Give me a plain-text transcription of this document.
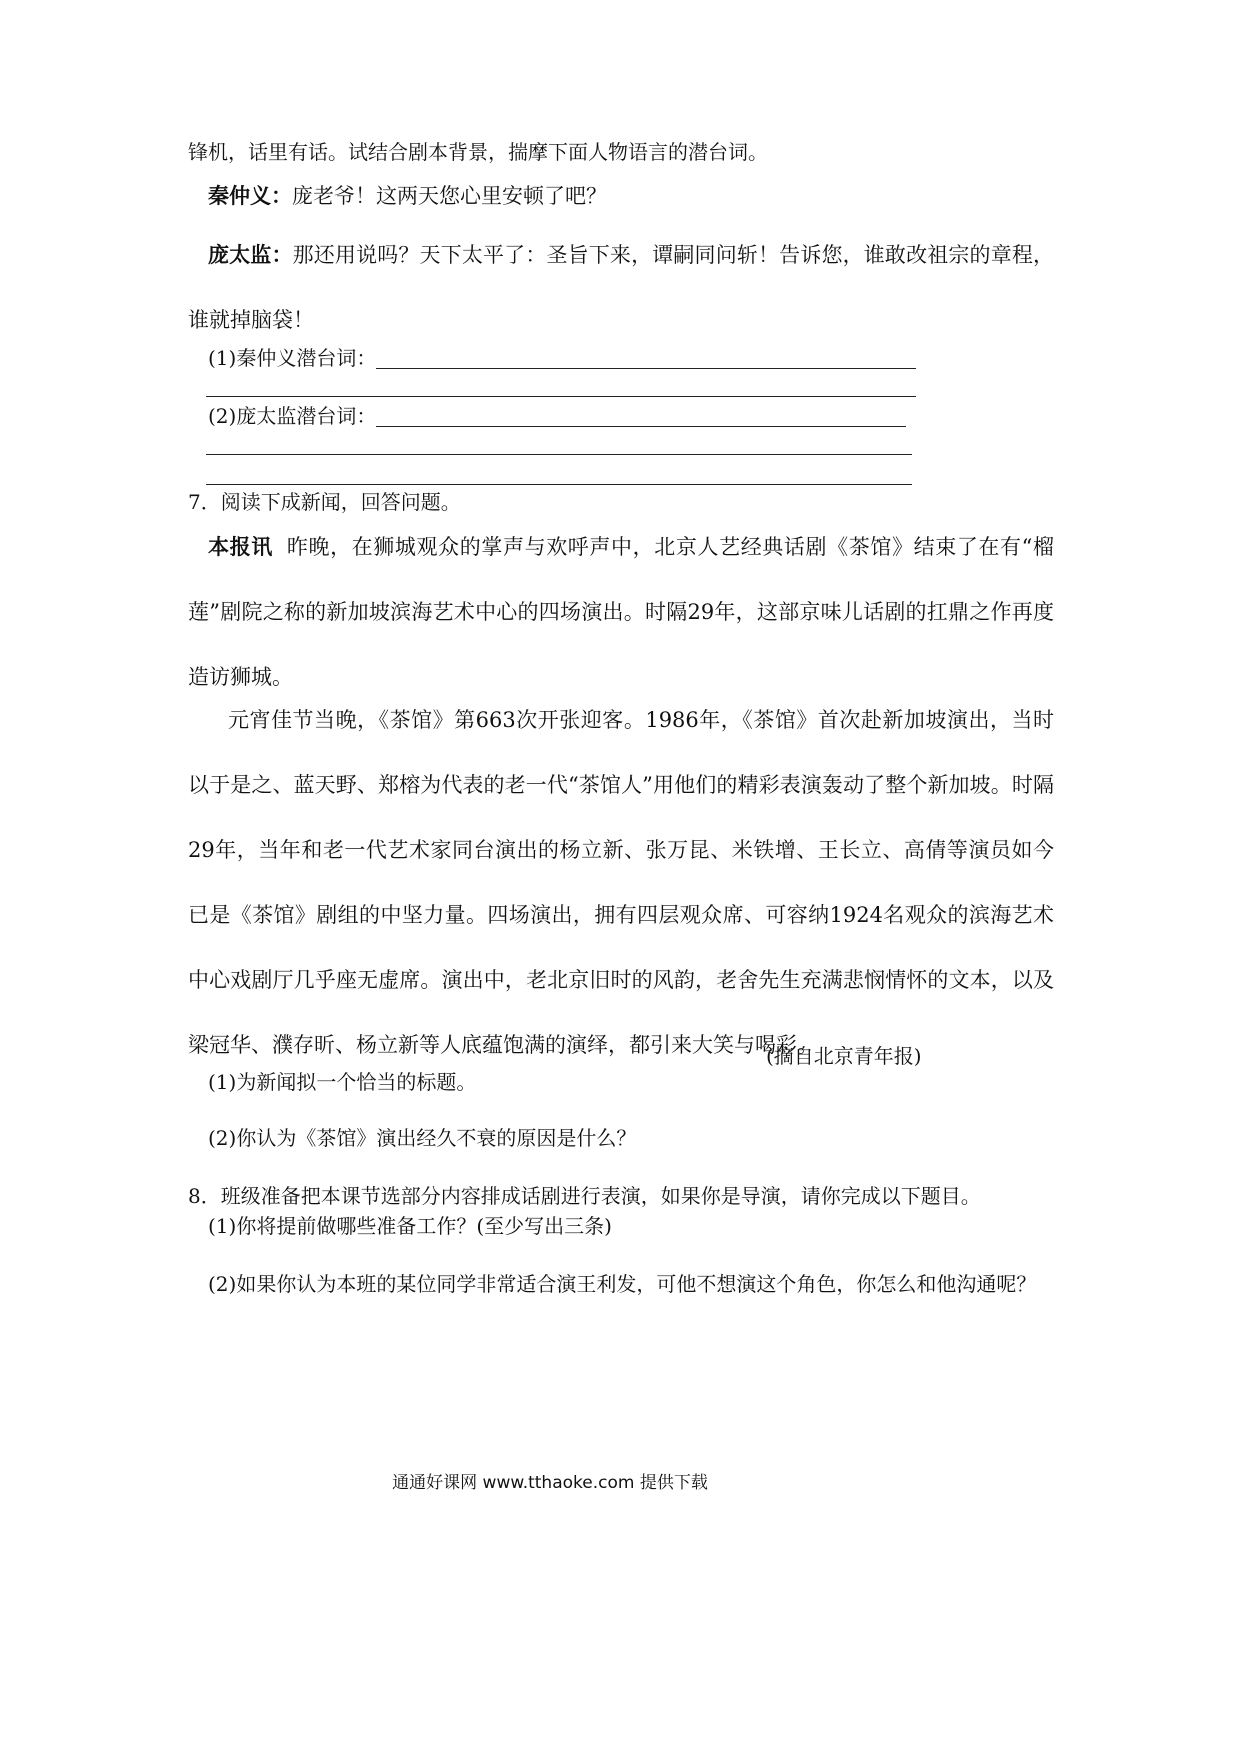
锋机，话里有话。试结合剧本背景，揣摩下面人物语言的潜台词。
秦仲义：庞老爷！这两天您心里安顿了吧？
庞太监：那还用说吗？天下太平了：圣旨下来，谭嗣同问斩！告诉您，谁敢改祖宗的章程，谁就掉脑袋！
(1)秦仲义潜台词：
(2)庞太监潜台词：
7．阅读下成新闻，回答问题。
本报讯 昨晚，在狮城观众的掌声与欢呼声中，北京人艺经典话剧《茶馆》结束了在有“榴莲”剧院之称的新加坡滨海艺术中心的四场演出。时隔29年，这部京味儿话剧的扛鼎之作再度造访狮城。
元宵佳节当晚，《茶馆》第663次开张迎客。1986年，《茶馆》首次赴新加坡演出，当时以于是之、蓝天野、郑榕为代表的老一代“茶馆人”用他们的精彩表演轰动了整个新加坡。时隔29年，当年和老一代艺术家同台演出的杨立新、张万昆、米铁增、王长立、高倩等演员如今已是《茶馆》剧组的中坚力量。四场演出，拥有四层观众席、可容纳1924名观众的滨海艺术中心戏剧厅几乎座无虚席。演出中，老北京旧时的风韵，老舍先生充满悲悯情怀的文本，以及梁冠华、濮存昕、杨立新等人底蕴饱满的演绎，都引来大笑与喝彩。
(摘自北京青年报)
(1)为新闻拟一个恰当的标题。
(2)你认为《茶馆》演出经久不衰的原因是什么？
8．班级准备把本课节选部分内容排成话剧进行表演，如果你是导演，请你完成以下题目。
(1)你将提前做哪些准备工作？(至少写出三条)
(2)如果你认为本班的某位同学非常适合演王利发，可他不想演这个角色，你怎么和他沟通呢？
通通好课网 www.tthaoke.com 提供下载
